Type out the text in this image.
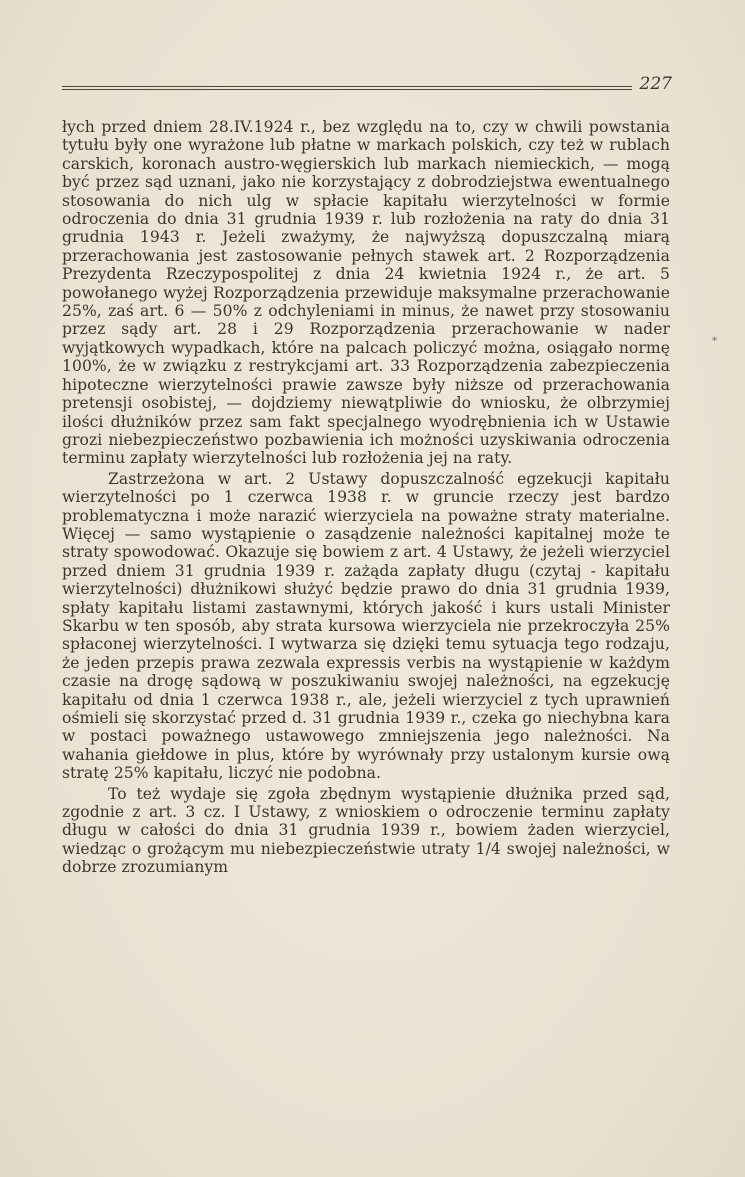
227

łych przed dniem 28.IV.1924 r., bez względu na to, czy w chwili powstania tytułu były one wyrażone lub płatne w markach polskich, czy też w rublach carskich, koronach austro-węgierskich lub markach niemieckich, — mogą być przez sąd uznani, jako nie korzystający z dobrodziejstwa ewentualnego stosowania do nich ulg w spłacie kapitału wierzytelności w formie odroczenia do dnia 31 grudnia 1939 r. lub rozłożenia na raty do dnia 31 grudnia 1943 r. Jeżeli zważymy, że najwyższą dopuszczalną miarą przerachowania jest zastosowanie pełnych stawek art. 2 Rozporządzenia Prezydenta Rzeczypospolitej z dnia 24 kwietnia 1924 r., że art. 5 powołanego wyżej Rozporządzenia przewiduje maksymalne przerachowanie 25%, zaś art. 6 — 50% z odchyleniami in minus, że nawet przy stosowaniu przez sądy art. 28 i 29 Rozporządzenia przerachowanie w nader wyjątkowych wypadkach, które na palcach policzyć można, osiągało normę 100%, że w związku z restrykcjami art. 33 Rozporządzenia zabezpieczenia hipoteczne wierzytelności prawie zawsze były niższe od przerachowania pretensji osobistej, — dojdziemy niewątpliwie do wniosku, że olbrzymiej ilości dłużników przez sam fakt specjalnego wyodrębnienia ich w Ustawie grozi niebezpieczeństwo pozbawienia ich możności uzyskiwania odroczenia terminu zapłaty wierzytelności lub rozłożenia jej na raty.

Zastrzeżona w art. 2 Ustawy dopuszczalność egzekucji kapitału wierzytelności po 1 czerwca 1938 r. w gruncie rzeczy jest bardzo problematyczna i może narazić wierzyciela na poważne straty materialne. Więcej — samo wystąpienie o zasądzenie należności kapitalnej może te straty spowodować. Okazuje się bowiem z art. 4 Ustawy, że jeżeli wierzyciel przed dniem 31 grudnia 1939 r. zażąda zapłaty długu (czytaj - kapitału wierzytelności) dłużnikowi służyć będzie prawo do dnia 31 grudnia 1939, spłaty kapitału listami zastawnymi, których jakość i kurs ustali Minister Skarbu w ten sposób, aby strata kursowa wierzyciela nie przekroczyła 25% spłaconej wierzytelności. I wytwarza się dzięki temu sytuacja tego rodzaju, że jeden przepis prawa zezwala expressis verbis na wystąpienie w każdym czasie na drogę sądową w poszukiwaniu swojej należności, na egzekucję kapitału od dnia 1 czerwca 1938 r., ale, jeżeli wierzyciel z tych uprawnień ośmieli się skorzystać przed d. 31 grudnia 1939 r., czeka go niechybna kara w postaci poważnego ustawowego zmniejszenia jego należności. Na wahania giełdowe in plus, które by wyrównały przy ustalonym kursie ową stratę 25% kapitału, liczyć nie podobna.

To też wydaje się zgoła zbędnym wystąpienie dłużnika przed sąd, zgodnie z art. 3 cz. I Ustawy, z wnioskiem o odroczenie terminu zapłaty długu w całości do dnia 31 grudnia 1939 r., bowiem żaden wierzyciel, wiedząc o grożącym mu niebezpieczeństwie utraty 1/4 swojej należności, w dobrze zrozumianym

*
